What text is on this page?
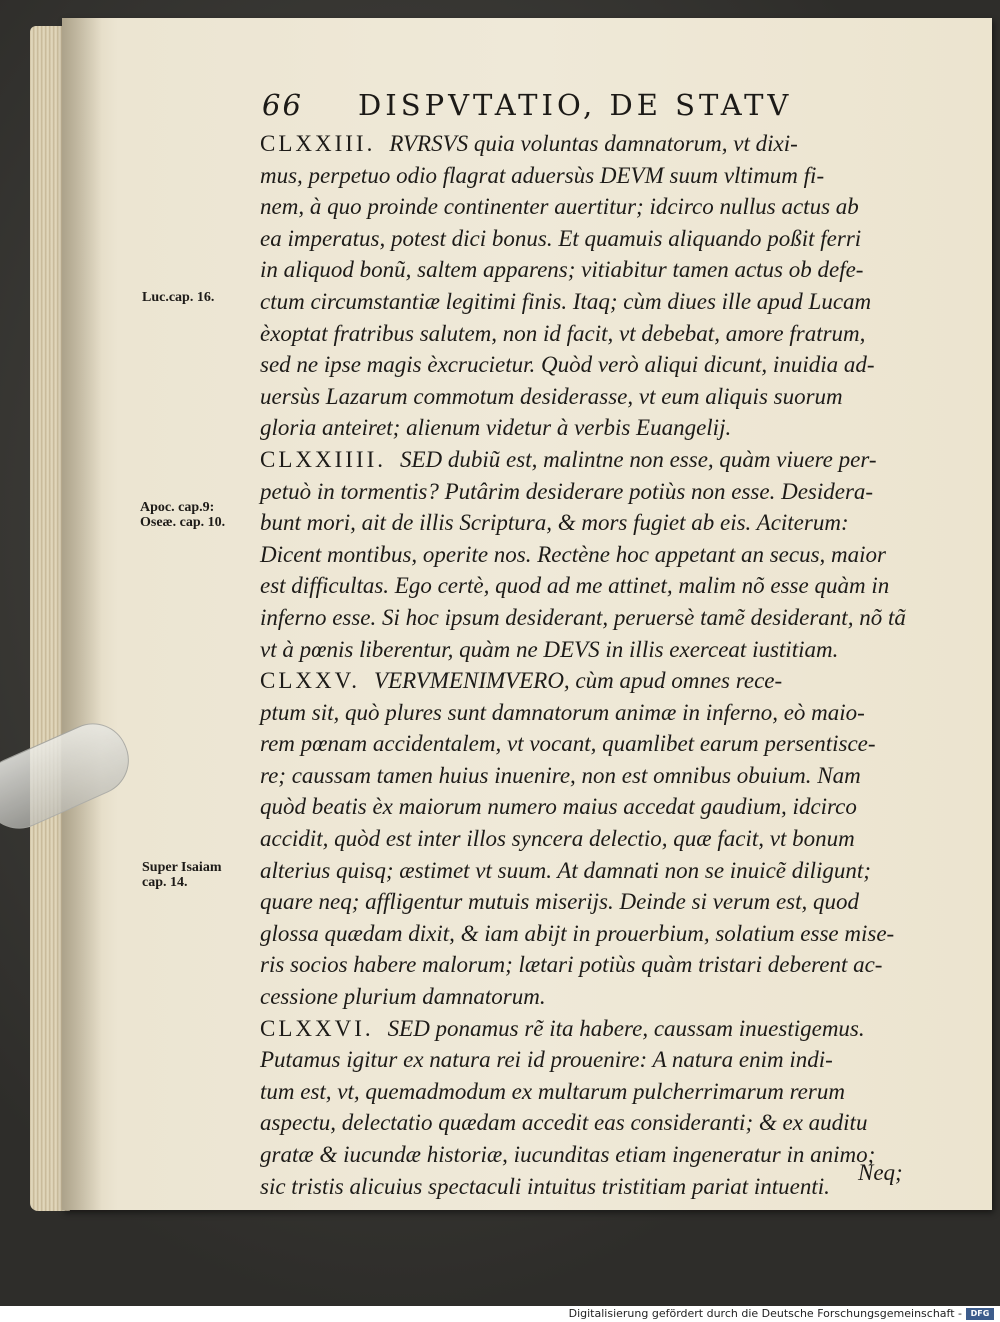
66 DISPVTATIO, DE STATV
Luc.cap. 16.
Apoc. cap.9:
Oseæ. cap. 10.
Super Isaiam
cap. 14.
CLXXIII. RVRSVS quia voluntas damnatorum, vt dixi-
mus, perpetuo odio flagrat aduersùs DEVM suum vltimum fi-
nem, à quo proinde continenter auertitur; idcirco nullus actus ab
ea imperatus, potest dici bonus. Et quamuis aliquando poßit ferri
in aliquod bonũ, saltem apparens; vitiabitur tamen actus ob defe-
ctum circumstantiæ legitimi finis. Itaq; cùm diues ille apud Lucam
èxoptat fratribus salutem, non id facit, vt debebat, amore fratrum,
sed ne ipse magis èxcrucietur. Quòd verò aliqui dicunt, inuidia ad-
uersùs Lazarum commotum desiderasse, vt eum aliquis suorum
gloria anteiret; alienum videtur à verbis Euangelij.
CLXXIIII. SED dubiũ est, malintne non esse, quàm viuere per-
petuò in tormentis? Putârim desiderare potiùs non esse. Desidera-
bunt mori, ait de illis Scriptura, & mors fugiet ab eis. Aciterum:
Dicent montibus, operite nos. Rectène hoc appetant an secus, maior
est difficultas. Ego certè, quod ad me attinet, malim nõ esse quàm in
inferno esse. Si hoc ipsum desiderant, peruersè tamẽ desiderant, nõ tã
vt à pœnis liberentur, quàm ne DEVS in illis exerceat iustitiam.
CLXXV. VERVMENIMVERO, cùm apud omnes rece-
ptum sit, quò plures sunt damnatorum animæ in inferno, eò maio-
rem pœnam accidentalem, vt vocant, quamlibet earum persentisce-
re; caussam tamen huius inuenire, non est omnibus obuium. Nam
quòd beatis èx maiorum numero maius accedat gaudium, idcirco
accidit, quòd est inter illos syncera delectio, quæ facit, vt bonum
alterius quisq; æstimet vt suum. At damnati non se inuicẽ diligunt;
quare neq; affligentur mutuis miserijs. Deinde si verum est, quod
glossa quædam dixit, & iam abijt in prouerbium, solatium esse mise-
ris socios habere malorum; lætari potiùs quàm tristari deberent ac-
cessione plurium damnatorum.
CLXXVI. SED ponamus rẽ ita habere, caussam inuestigemus.
Putamus igitur ex natura rei id prouenire: A natura enim indi-
tum est, vt, quemadmodum ex multarum pulcherrimarum rerum
aspectu, delectatio quædam accedit eas consideranti; & ex auditu
gratæ & iucundæ historiæ, iucunditas etiam ingeneratur in animo;
sic tristis alicuius spectaculi intuitus tristitiam pariat intuenti.
Neq;
Digitalisierung gefördert durch die Deutsche Forschungsgemeinschaft -	DFG
